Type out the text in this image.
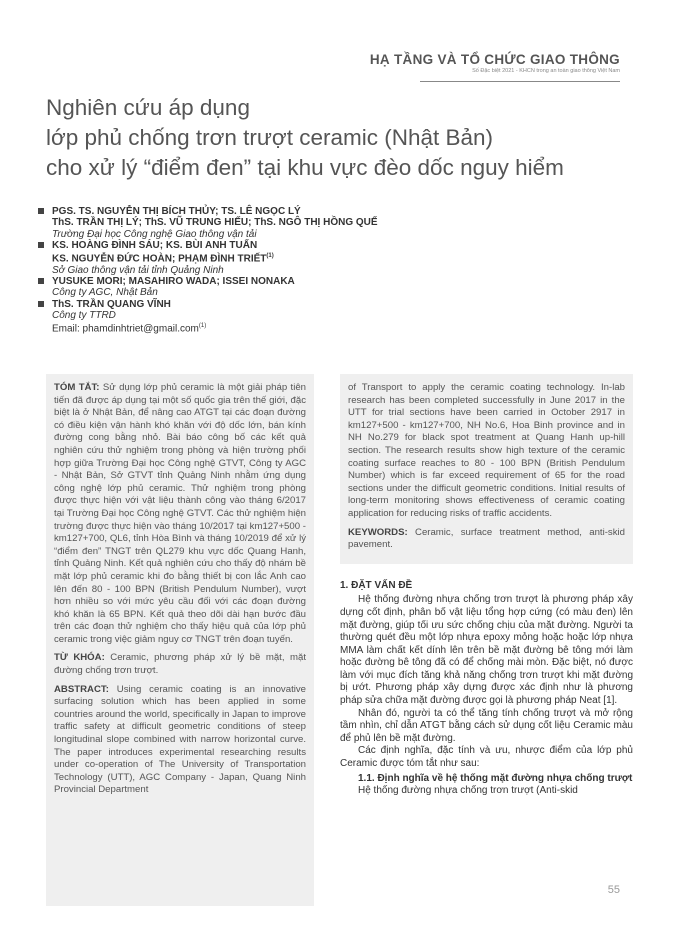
HẠ TẦNG VÀ TỔ CHỨC GIAO THÔNG
Số Đặc biệt 2021 - KHCN trong an toàn giao thông Việt Nam
Nghiên cứu áp dụng
lớp phủ chống trơn trượt ceramic (Nhật Bản)
cho xử lý “điểm đen” tại khu vực đèo dốc nguy hiểm
PGS. TS. NGUYỄN THỊ BÍCH THỦY; TS. LÊ NGỌC LÝ
ThS. TRẦN THỊ LÝ; ThS. VŨ TRUNG HIẾU; ThS. NGÔ THỊ HỒNG QUẾ
Trường Đại học Công nghệ Giao thông vận tải
KS. HOÀNG ĐÌNH SÁU; KS. BÙI ANH TUẤN
KS. NGUYỄN ĐỨC HOÀN; PHẠM ĐÌNH TRIẾT$^{(1)}$
Sở Giao thông vận tải tỉnh Quảng Ninh
YUSUKE MORI; MASAHIRO WADA; ISSEI NONAKA
Công ty AGC, Nhật Bản
ThS. TRẦN QUANG VĨNH
Công ty TTRD
Email: phamdinhtriet@gmail.com$^{(1)}$

TÓM TẮT: Sử dụng lớp phủ ceramic là một giải pháp tiên tiến đã được áp dụng tại một số quốc gia trên thế giới, đặc biệt là ở Nhật Bản, để nâng cao ATGT tại các đoạn đường có điều kiện vận hành khó khăn với độ dốc lớn, bán kính đường cong bằng nhỏ. Bài báo công bố các kết quả nghiên cứu thử nghiệm trong phòng và hiện trường phối hợp giữa Trường Đại học Công nghệ GTVT, Công ty AGC - Nhật Bản, Sở GTVT tỉnh Quảng Ninh nhằm ứng dụng công nghệ lớp phủ ceramic. Thử nghiệm trong phòng được thực hiện với vật liệu thành công vào tháng 6/2017 tại Trường Đại học Công nghệ GTVT. Các thử nghiệm hiện trường được thực hiện vào tháng 10/2017 tại km127+500 - km127+700, QL6, tỉnh Hòa Bình và tháng 10/2019 để xử lý “điểm đen” TNGT trên QL279 khu vực dốc Quang Hanh, tỉnh Quảng Ninh. Kết quả nghiên cứu cho thấy độ nhám bề mặt lớp phủ ceramic khi đo bằng thiết bị con lắc Anh cao lên đến 80 - 100 BPN (British Pendulum Number), vượt hơn nhiều so với mức yêu cầu đối với các đoạn đường khó khăn là 65 BPN. Kết quả theo dõi dài hạn bước đầu trên các đoạn thử nghiệm cho thấy hiệu quả của lớp phủ ceramic trong việc giảm nguy cơ TNGT trên đoạn tuyến.

TỪ KHÓA: Ceramic, phương pháp xử lý bề mặt, mặt đường chống trơn trượt.

ABSTRACT: Using ceramic coating is an innovative surfacing solution which has been applied in some countries around the world, specifically in Japan to improve traffic safety at difficult geometric conditions of steep longitudinal slope combined with narrow horizontal curve. The paper introduces experimental researching results under co-operation of The University of Transportation Technology (UTT), AGC Company - Japan, Quang Ninh Provincial Department

of Transport to apply the ceramic coating technology. In-lab research has been completed successfully in June 2017 in the UTT for trial sections have been carried in October 2917 in km127+500 - km127+700, NH No.6, Hoa Binh province and in NH No.279 for black spot treatment at Quang Hanh up-hill section. The research results show high texture of the ceramic coating surface reaches to 80 - 100 BPN (British Pendulum Number) which is far exceed requirement of 65 for the road sections under the difficult geometric conditions. Initial results of long-term monitoring shows effectiveness of ceramic coating application for reducing risks of traffic accidents.

KEYWORDS: Ceramic, surface treatment method, anti-skid pavement.

1. ĐẶT VẤN ĐỀ

Hệ thống đường nhựa chống trơn trượt là phương pháp xây dựng cốt định, phân bố vật liệu tổng hợp cứng (có màu đen) lên mặt đường, giúp tối ưu sức chống chịu của mặt đường. Người ta thường quét đều một lớp nhựa epoxy mỏng hoặc hoặc lớp nhựa MMA làm chất kết dính lên trên bề mặt đường bê tông mới làm hoặc đường bê tông đã có để chống mài mòn. Đặc biệt, nó được làm với mục đích tăng khả năng chống trơn trượt khi mặt đường bị ướt. Phương pháp xây dựng được xác định như là phương pháp sửa chữa mặt đường được gọi là phương pháp Neat [1].

Nhân đó, người ta có thể tăng tính chống trượt và mở rộng tầm nhìn, chỉ dẫn ATGT bằng cách sử dụng cốt liệu Ceramic màu để phủ lên bề mặt đường.

Các định nghĩa, đặc tính và ưu, nhược điểm của lớp phủ Ceramic được tóm tắt như sau:

1.1. Định nghĩa về hệ thống mặt đường nhựa chống trượt

Hệ thống đường nhựa chống trơn trượt (Anti-skid

55
